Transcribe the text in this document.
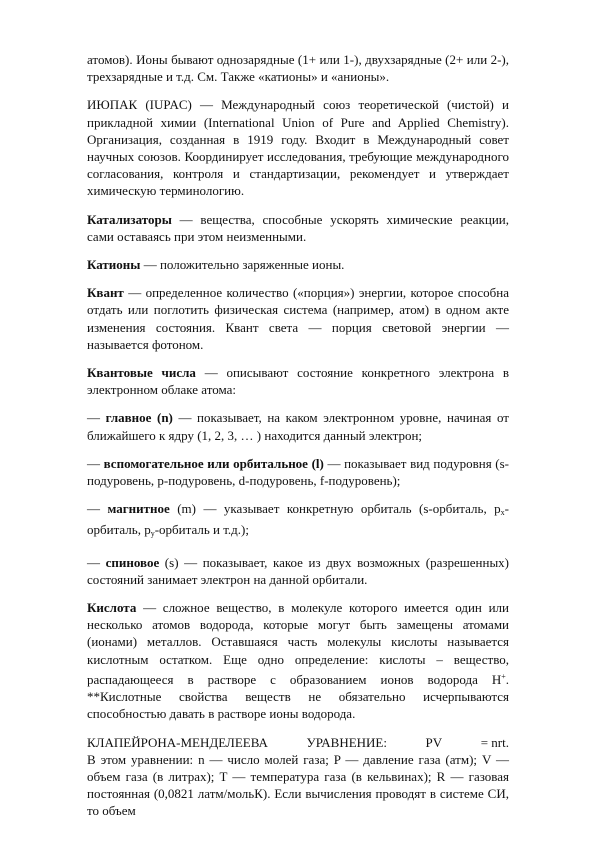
атомов). Ионы бывают однозарядные (1+ или 1-), двухзарядные (2+ или 2-), трехзарядные и т.д. См. Также «катионы» и «анионы».

ИЮПАК (IUPAC) — Международный союз теоретической (чистой) и прикладной химии (International Union of Pure and Applied Chemistry). Организация, созданная в 1919 году. Входит в Международный совет научных союзов. Координирует исследования, требующие международного согласования, контроля и стандартизации, рекомендует и утверждает химическую терминологию.

Катализаторы — вещества, способные ускорять химические реакции, сами оставаясь при этом неизменными.

Катионы — положительно заряженные ионы.

Квант — определенное количество («порция») энергии, которое способна отдать или поглотить физическая система (например, атом) в одном акте изменения состояния. Квант света — порция световой энергии — называется фотоном.

Квантовые числа — описывают состояние конкретного электрона в электронном облаке атома:

— главное (n) — показывает, на каком электронном уровне, начиная от ближайшего к ядру (1, 2, 3, … ) находится данный электрон;

— вспомогательное или орбитальное (l) — показывает вид подуровня (s-подуровень, p-подуровень, d-подуровень, f-подуровень);

— магнитное (m) — указывает конкретную орбиталь (s-орбиталь, $p_x$-орбиталь, $p_y$-орбиталь и т.д.);

— спиновое (s) — показывает, какое из двух возможных (разрешенных) состояний занимает электрон на данной орбитали.

Кислота — сложное вещество, в молекуле которого имеется один или несколько атомов водорода, которые могут быть замещены атомами (ионами) металлов. Оставшаяся часть молекулы кислоты называется кислотным остатком. Еще одно определение: кислоты – вещество, распадающееся в растворе с образованием ионов водорода H+. **Кислотные свойства веществ не обязательно исчерпываются способностью давать в растворе ионы водорода.

КЛАПЕЙРОНА-МЕНДЕЛЕЕВА	УРАВНЕНИЕ:	PV	= nrt.

В этом уравнении: n — число молей газа; P — давление газа (атм); V — объем газа (в литрах); T — температура газа (в кельвинах); R — газовая постоянная (0,0821 латм/мольК). Если вычисления проводят в системе СИ, то объем
